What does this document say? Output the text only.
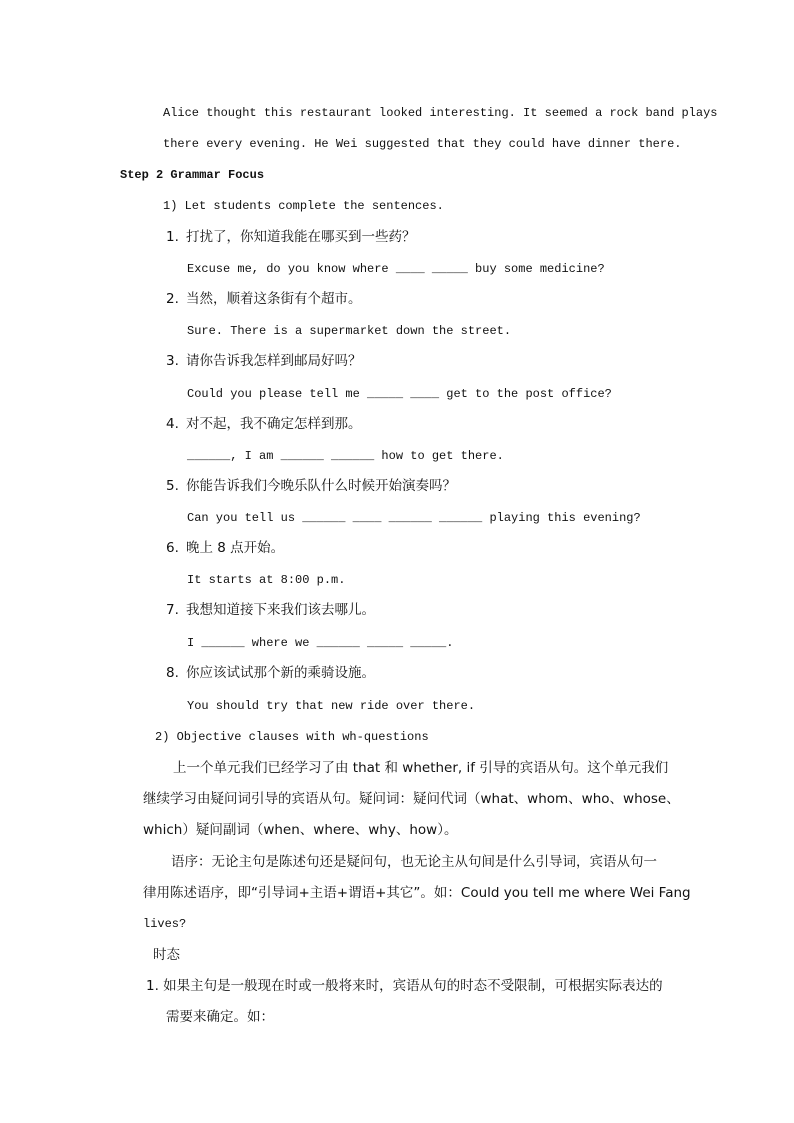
Alice thought this restaurant looked interesting. It seemed a rock band plays
there every evening. He Wei suggested that they could have dinner there.
Step 2 Grammar Focus
1) Let students complete the sentences.
1. 打扰了，你知道我能在哪买到一些药？
Excuse me, do you know where ____ _____ buy some medicine?
2. 当然，顺着这条街有个超市。
Sure. There is a supermarket down the street.
3. 请你告诉我怎样到邮局好吗？
Could you please tell me _____ ____ get to the post office?
4. 对不起，我不确定怎样到那。
______, I am ______ ______ how to get there.
5. 你能告诉我们今晚乐队什么时候开始演奏吗？
Can you tell us ______ ____ ______ ______ playing this evening?
6. 晚上 8 点开始。
It starts at 8:00 p.m.
7. 我想知道接下来我们该去哪儿。
I ______ where we ______ _____ _____.
8. 你应该试试那个新的乘骑设施。
You should try that new ride over there.
2) Objective clauses with wh-questions
上一个单元我们已经学习了由 that 和 whether, if 引导的宾语从句。这个单元我们
继续学习由疑问词引导的宾语从句。疑问词：疑问代词（what、whom、who、whose、
which）疑问副词（when、where、why、how）。
语序：无论主句是陈述句还是疑问句，也无论主从句间是什么引导词，宾语从句一
律用陈述语序，即“引导词+主语+谓语+其它”。如：Could you tell me where Wei Fang
lives?
时态
1. 如果主句是一般现在时或一般将来时，宾语从句的时态不受限制，可根据实际表达的
需要来确定。如：
